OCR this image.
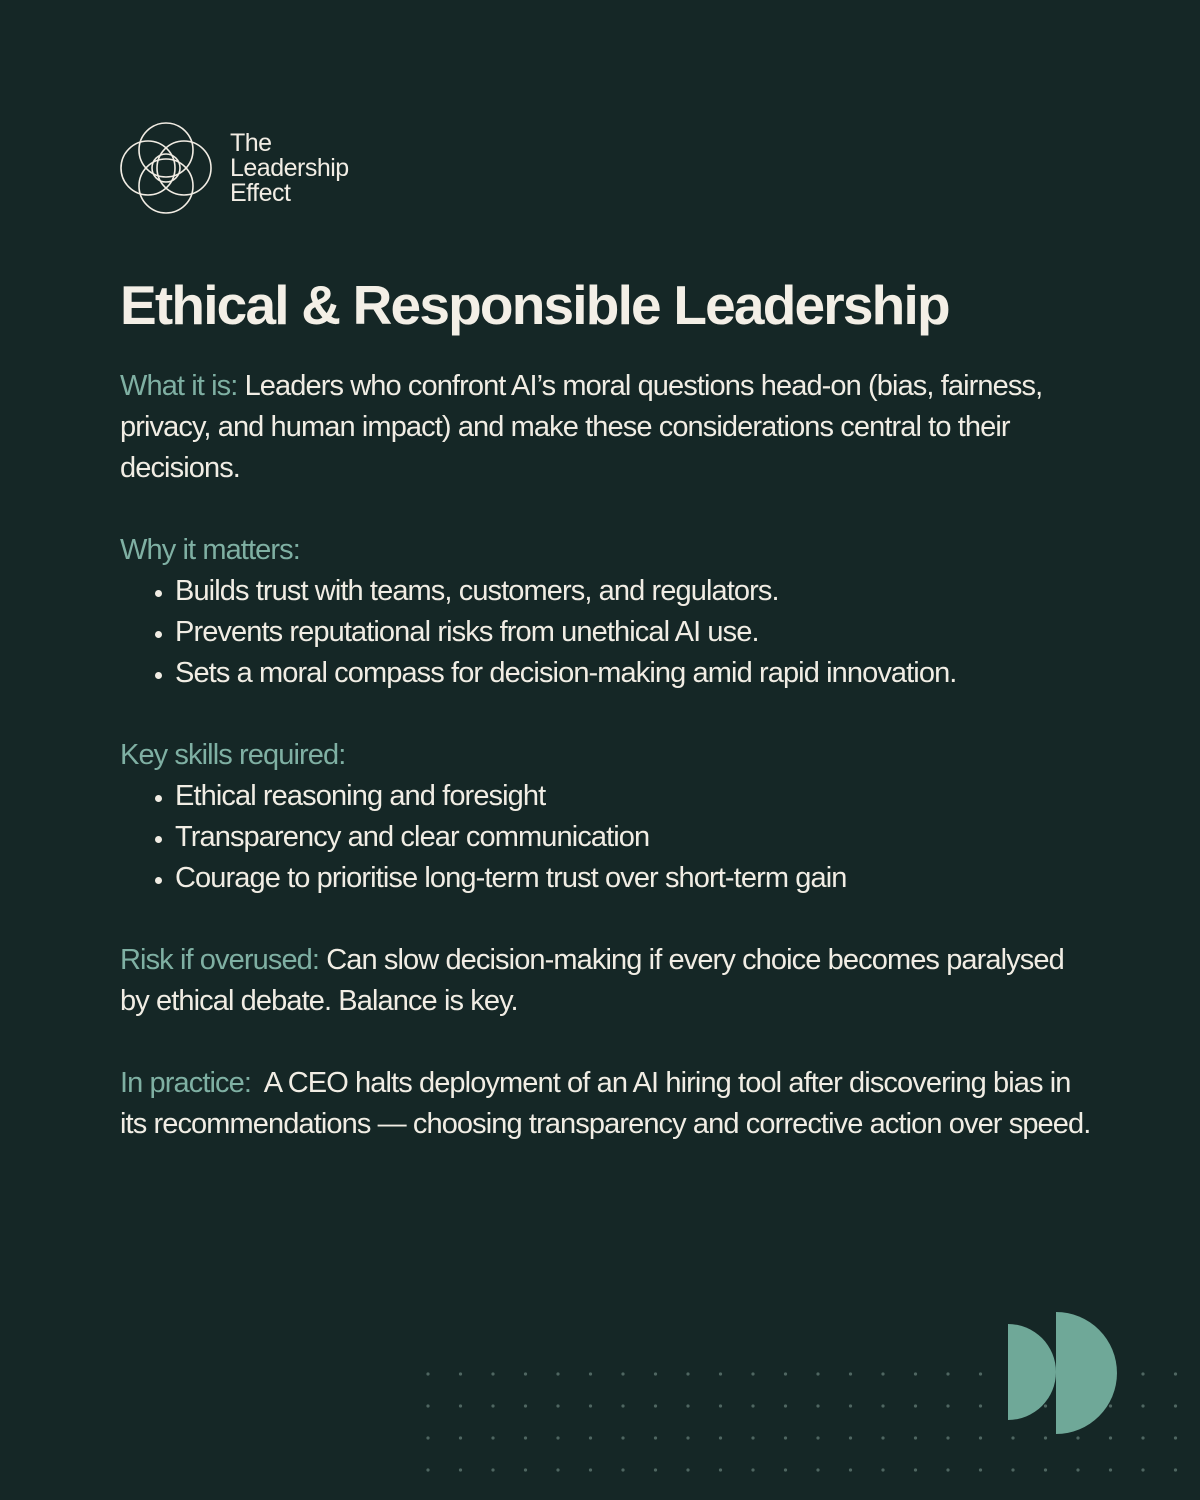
The
Leadership
Effect
Ethical & Responsible Leadership

What it is: Leaders who confront AI’s moral questions head-on (bias, fairness, privacy, and human impact) and make these considerations central to their decisions.

Why it matters:

• Builds trust with teams, customers, and regulators.
• Prevents reputational risks from unethical AI use.
• Sets a moral compass for decision-making amid rapid innovation.

Key skills required:

• Ethical reasoning and foresight
• Transparency and clear communication
• Courage to prioritise long-term trust over short-term gain

Risk if overused: Can slow decision-making if every choice becomes paralysed by ethical debate. Balance is key.

In practice:  A CEO halts deployment of an AI hiring tool after discovering bias in its recommendations — choosing transparency and corrective action over speed.
